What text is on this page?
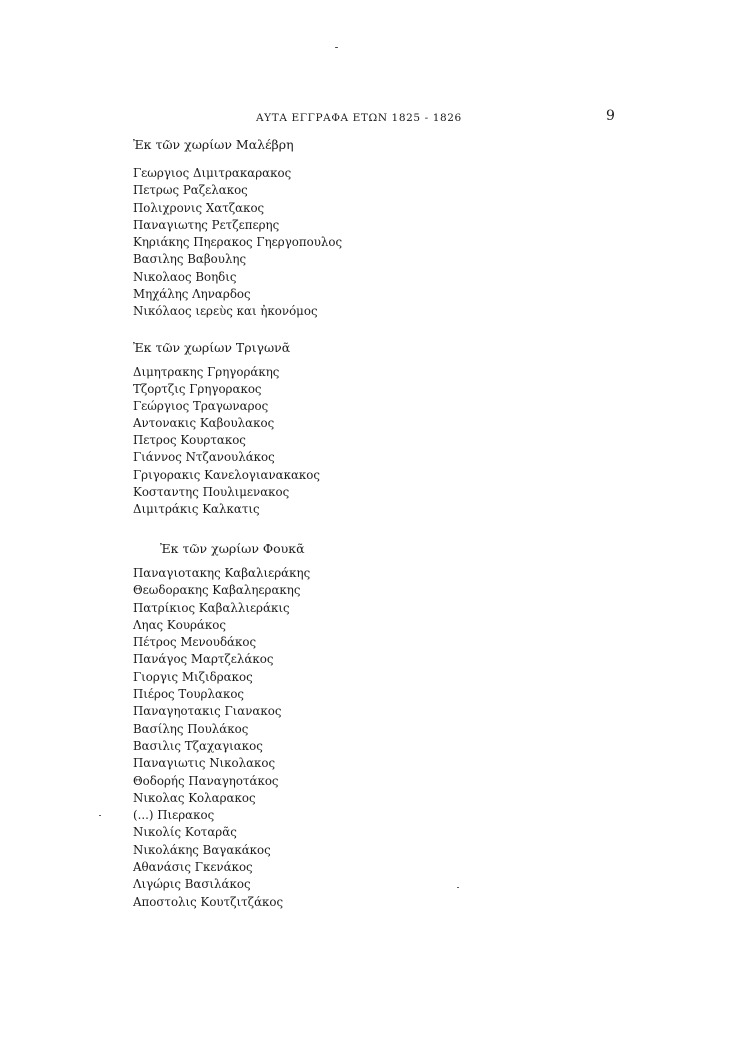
ΑΥΤΑ ΕΓΓΡΑΦΑ ΕΤΩΝ 1825 - 1826	9
Ἐκ τῶν χωρίων Μαλέβρη
Γεωργιος Διμιτρακαρακος
Πετρως Ραζελακος
Πολιχρονις Χατζακος
Παναγιωτης Ρετζεπερης
Κηριάκης Πηερακος Γηεργοπουλος
Βασιλης Βαβουλης
Νικολαος Βοηδις
Μηχάλης Ληναρδος
Νικόλαος ιερεὺς και ἠκονόμος
Ἐκ τῶν χωρίων Τριγωνᾶ
Διμητρακης Γρηγοράκης
Τζορτζις Γρηγορακος
Γεώργιος Τραγωναρος
Αντονακις Καβουλακος
Πετρος Κουρτακος
Γιάννος Ντζανουλάκος
Γριγορακις Κανελογιανακακος
Κοσταντης Πουλιμενακος
Διμιτράκις Καλκατις
Ἐκ τῶν χωρίων Φουκᾶ
Παναγιοτακης Καβαλιεράκης
Θεωδορακης Καβαληερακης
Πατρίκιος Καβαλλιεράκις
Ληας Κουράκος
Πέτρος Μενουδάκος
Πανάγος Μαρτζελάκος
Γιοργις Μιζιδρακος
Πιέρος Τουρλακος
Παναγηοτακις Γιανακος
Βασίλης Πουλάκος
Βασιλις Τζαχαγιακος
Παναγιωτις Νικολακος
Θοδορής Παναγηοτάκος
Νικολας Κολαρακος
(...) Πιερακος
Νικολίς Κοταρᾶς
Νικολάκης Βαγακάκος
Αθανάσις Γκενάκος
Λιγώρις Βασιλάκος
Αποστολις Κουτζιτζάκος
